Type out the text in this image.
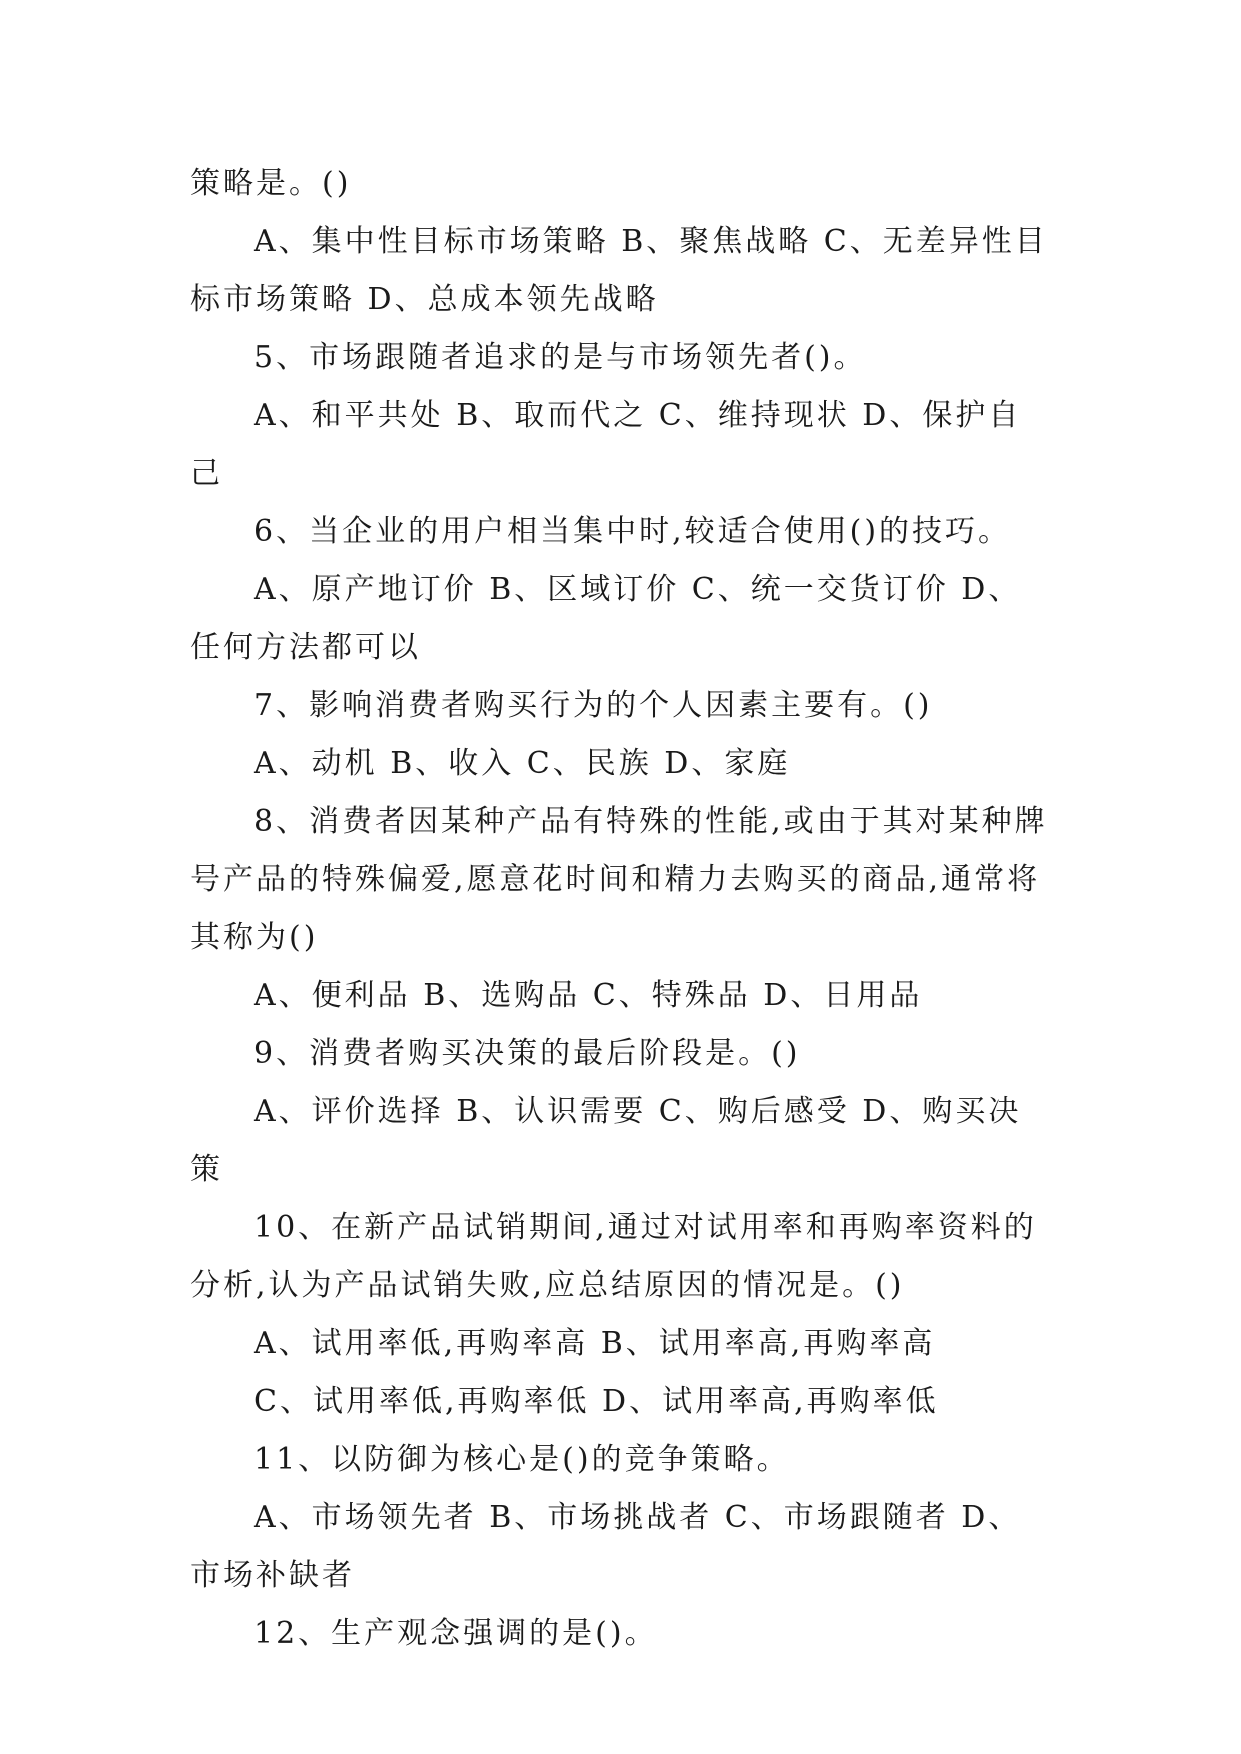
策略是。()

A、集中性目标市场策略 B、聚焦战略 C、无差异性目标市场策略 D、总成本领先战略

5、市场跟随者追求的是与市场领先者()。

A、和平共处 B、取而代之 C、维持现状 D、保护自己

6、当企业的用户相当集中时,较适合使用()的技巧。

A、原产地订价 B、区域订价 C、统一交货订价 D、任何方法都可以

7、影响消费者购买行为的个人因素主要有。()

A、动机 B、收入 C、民族 D、家庭

8、消费者因某种产品有特殊的性能,或由于其对某种牌号产品的特殊偏爱,愿意花时间和精力去购买的商品,通常将其称为()

A、便利品 B、选购品 C、特殊品 D、日用品

9、消费者购买决策的最后阶段是。()

A、评价选择 B、认识需要 C、购后感受 D、购买决策

10、在新产品试销期间,通过对试用率和再购率资料的分析,认为产品试销失败,应总结原因的情况是。()

A、试用率低,再购率高 B、试用率高,再购率高

C、试用率低,再购率低 D、试用率高,再购率低

11、以防御为核心是()的竞争策略。

A、市场领先者 B、市场挑战者 C、市场跟随者 D、市场补缺者

12、生产观念强调的是()。
